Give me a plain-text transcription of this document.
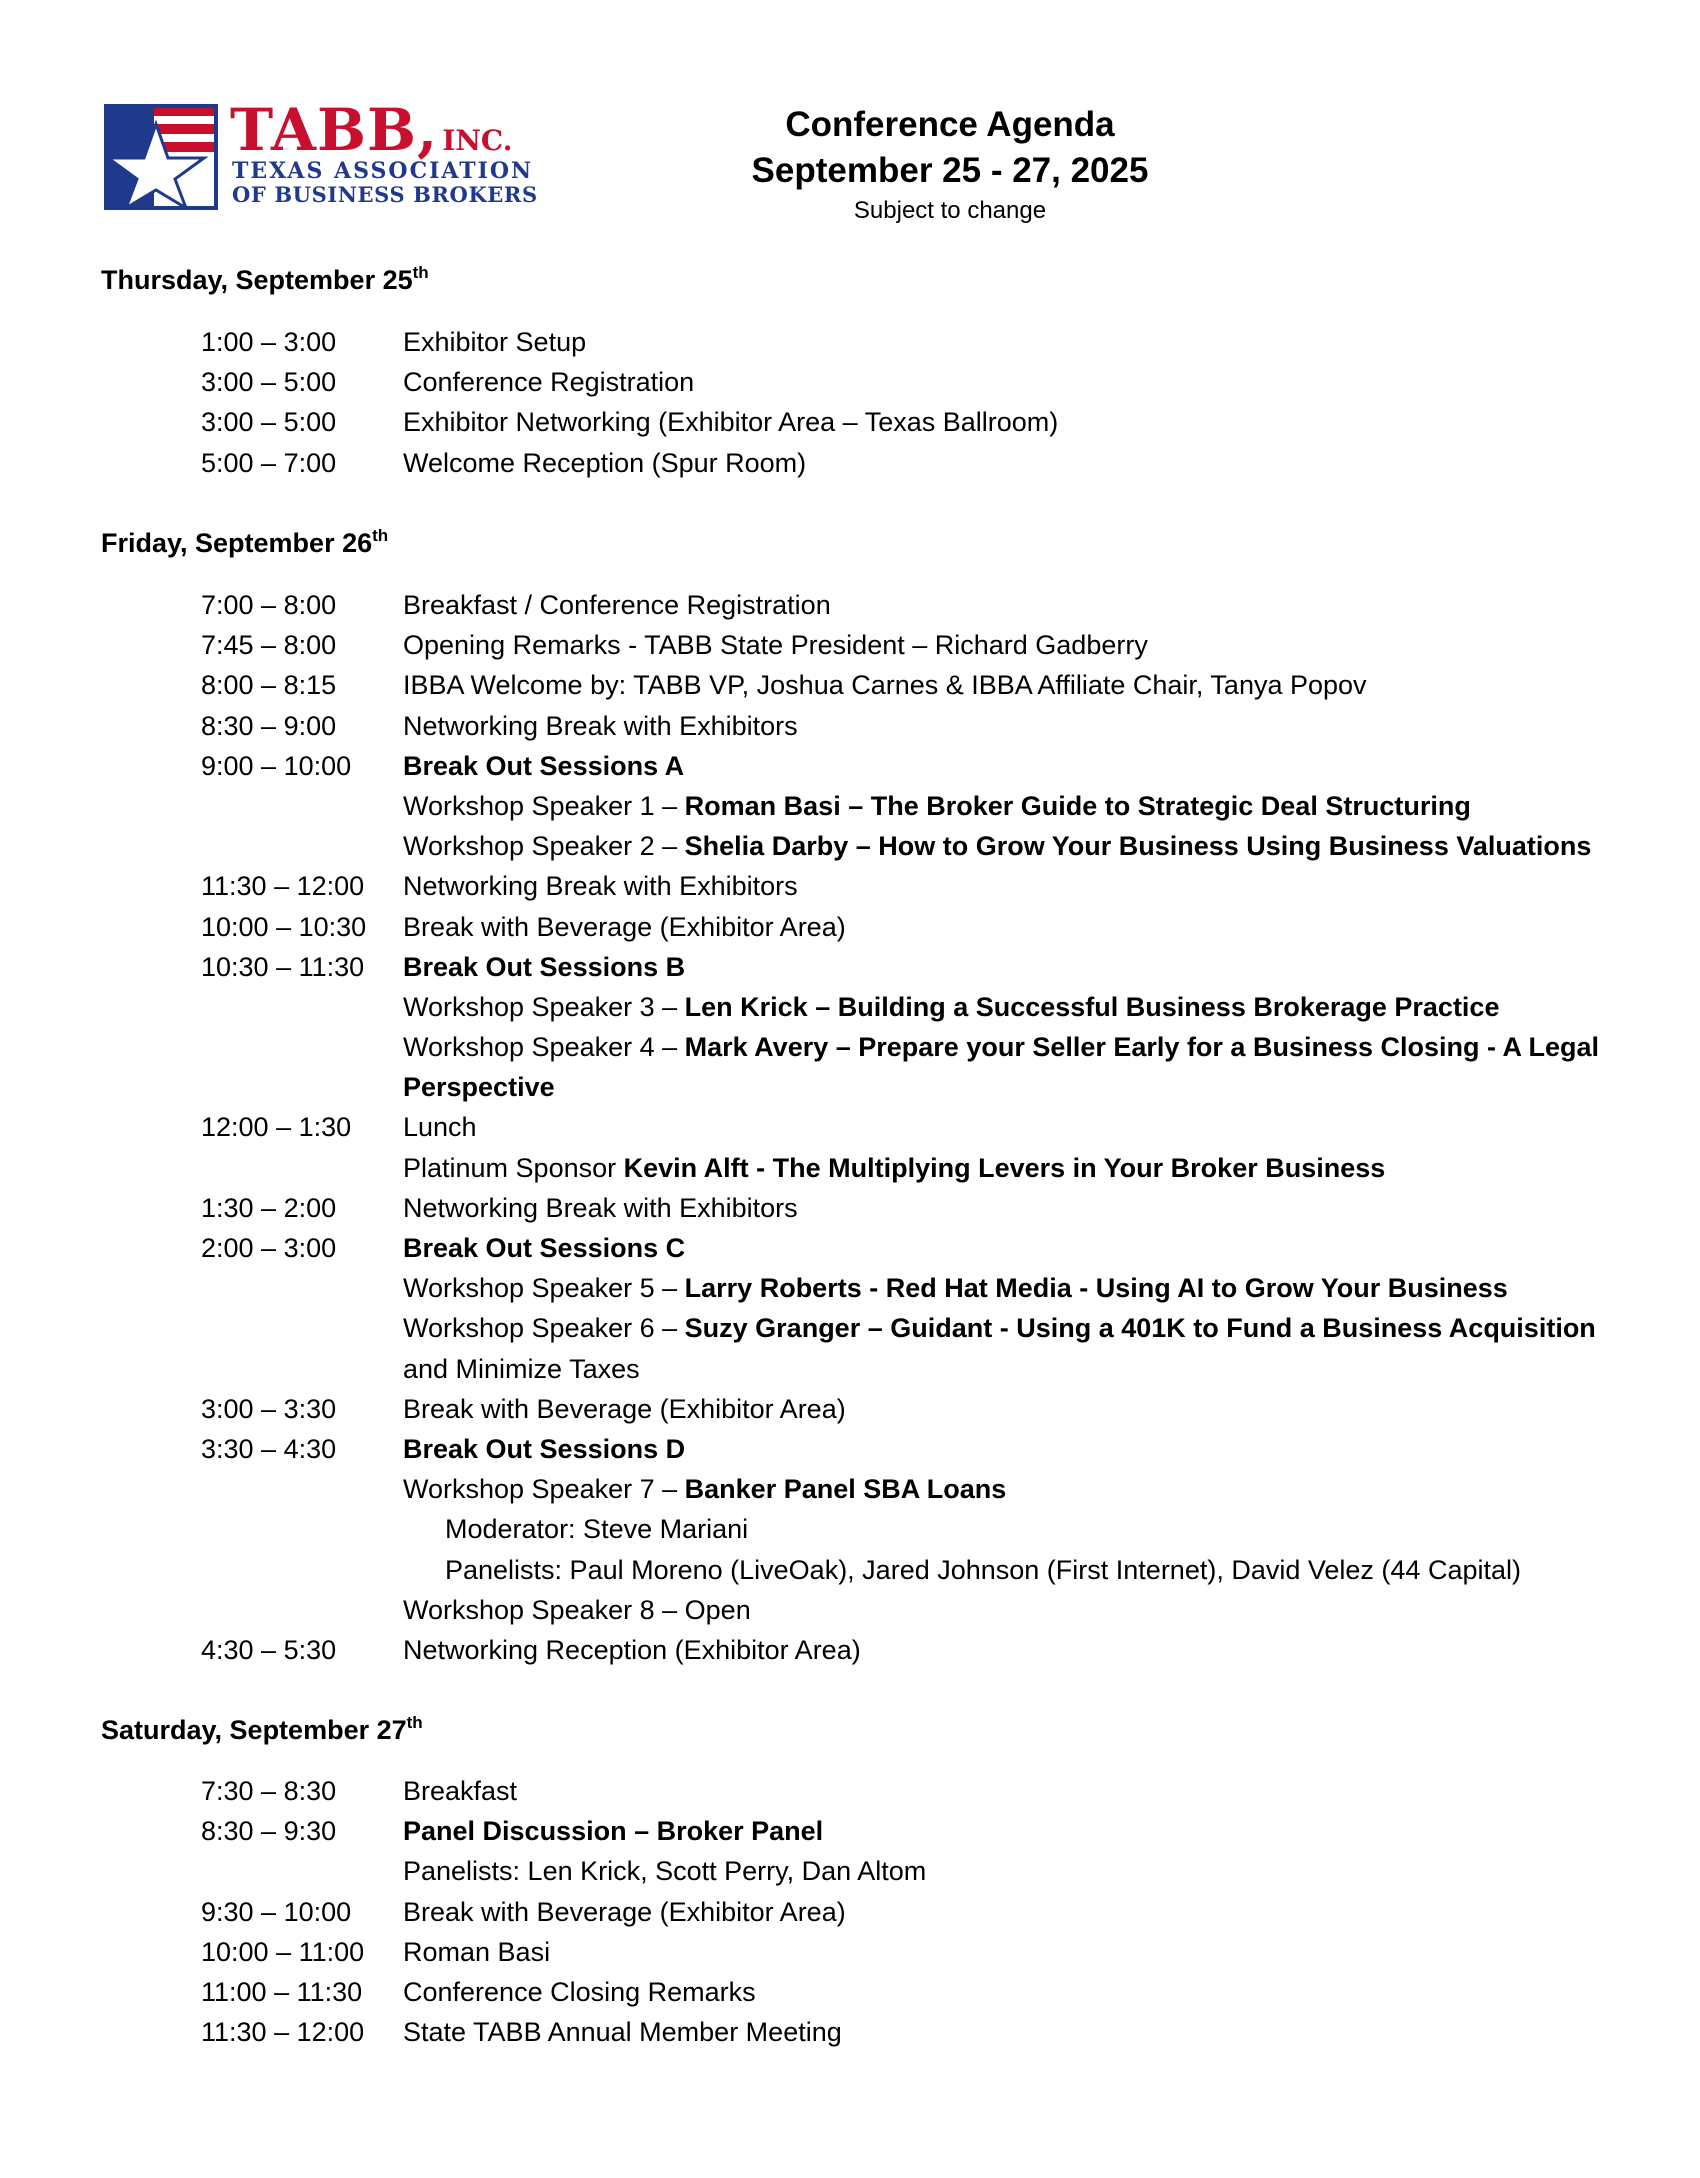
TABB, INC.
TEXAS ASSOCIATION
OF BUSINESS BROKERS
Conference Agenda
September 25 - 27, 2025
Subject to change
Thursday, September 25th
1:00 – 3:00 Exhibitor Setup
3:00 – 5:00 Conference Registration
3:00 – 5:00 Exhibitor Networking (Exhibitor Area – Texas Ballroom)
5:00 – 7:00 Welcome Reception (Spur Room)
Friday, September 26th
7:00 – 8:00 Breakfast / Conference Registration
7:45 – 8:00 Opening Remarks - TABB State President – Richard Gadberry
8:00 – 8:15 IBBA Welcome by: TABB VP, Joshua Carnes & IBBA Affiliate Chair, Tanya Popov
8:30 – 9:00 Networking Break with Exhibitors
9:00 – 10:00 Break Out Sessions A
Workshop Speaker 1 – Roman Basi – The Broker Guide to Strategic Deal Structuring
Workshop Speaker 2 – Shelia Darby – How to Grow Your Business Using Business Valuations
11:30 – 12:00 Networking Break with Exhibitors
10:00 – 10:30 Break with Beverage (Exhibitor Area)
10:30 – 11:30 Break Out Sessions B
Workshop Speaker 3 – Len Krick – Building a Successful Business Brokerage Practice
Workshop Speaker 4 – Mark Avery – Prepare your Seller Early for a Business Closing - A Legal
Perspective
12:00 – 1:30 Lunch
Platinum Sponsor Kevin Alft - The Multiplying Levers in Your Broker Business
1:30 – 2:00 Networking Break with Exhibitors
2:00 – 3:00 Break Out Sessions C
Workshop Speaker 5 – Larry Roberts - Red Hat Media - Using AI to Grow Your Business
Workshop Speaker 6 – Suzy Granger – Guidant - Using a 401K to Fund a Business Acquisition
and Minimize Taxes
3:00 – 3:30 Break with Beverage (Exhibitor Area)
3:30 – 4:30 Break Out Sessions D
Workshop Speaker 7 – Banker Panel SBA Loans
Moderator: Steve Mariani
Panelists: Paul Moreno (LiveOak), Jared Johnson (First Internet), David Velez (44 Capital)
Workshop Speaker 8 – Open
4:30 – 5:30 Networking Reception (Exhibitor Area)
Saturday, September 27th
7:30 – 8:30 Breakfast
8:30 – 9:30 Panel Discussion – Broker Panel
Panelists: Len Krick, Scott Perry, Dan Altom
9:30 – 10:00 Break with Beverage (Exhibitor Area)
10:00 – 11:00 Roman Basi
11:00 – 11:30 Conference Closing Remarks
11:30 – 12:00 State TABB Annual Member Meeting
